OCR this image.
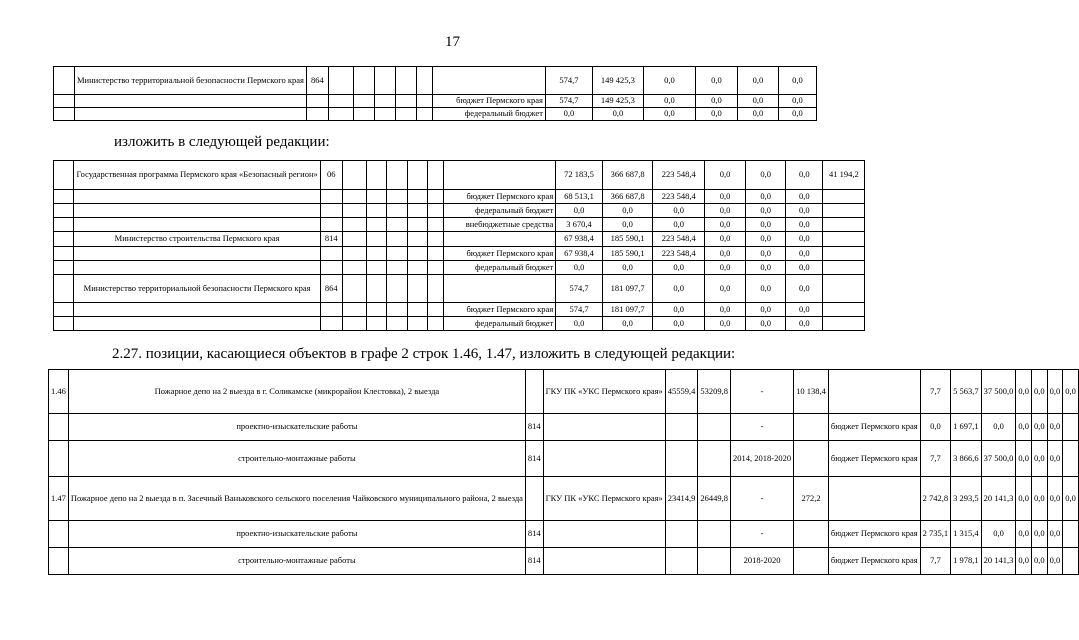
17
	Министерство территориальной безопасности Пермского края	864							574,7	149 425,3	0,0	0,0	0,0	0,0
								бюджет Пермского края	574,7	149 425,3	0,0	0,0	0,0	0,0
								федеральный бюджет	0,0	0,0	0,0	0,0	0,0	0,0
изложить в следующей редакции:
	Государственная программа Пермского края «Безопасный регион»	06							72 183,5	366 687,8	223 548,4	0,0	0,0	0,0	41 194,2
								бюджет Пермского края	68 513,1	366 687,8	223 548,4	0,0	0,0	0,0	
								федеральный бюджет	0,0	0,0	0,0	0,0	0,0	0,0	
								внебюджетные средства	3 670,4	0,0	0,0	0,0	0,0	0,0	
	Министерство строительства Пермского края	814							67 938,4	185 590,1	223 548,4	0,0	0,0	0,0	
								бюджет Пермского края	67 938,4	185 590,1	223 548,4	0,0	0,0	0,0	
								федеральный бюджет	0,0	0,0	0,0	0,0	0,0	0,0	
	Министерство территориальной безопасности Пермского края	864							574,7	181 097,7	0,0	0,0	0,0	0,0	
								бюджет Пермского края	574,7	181 097,7	0,0	0,0	0,0	0,0	
								федеральный бюджет	0,0	0,0	0,0	0,0	0,0	0,0	
2.27. позиции, касающиеся объектов в графе 2 строк 1.46, 1.47, изложить в следующей редакции:
1.46	Пожарное депо на 2 выезда в г. Соликамске (микрорайон Клестовка), 2 выезда		ГКУ ПК «УКС Пермского края»	45559,4	53209,8	-	10 138,4		7,7	5 563,7	37 500,0	0,0	0,0	0,0	0,0
	проектно-изыскательские работы	814				-		бюджет Пермского края	0,0	1 697,1	0,0	0,0	0,0	0,0	
	строительно-монтажные работы	814				2014, 2018-2020		бюджет Пермского края	7,7	3 866,6	37 500,0	0,0	0,0	0,0	
1.47	Пожарное депо на 2 выезда в п. Засечный Ваньковского сельского поселения Чайковского муниципального района, 2 выезда		ГКУ ПК «УКС Пермского края»	23414,9	26449,8	-	272,2		2 742,8	3 293,5	20 141,3	0,0	0,0	0,0	0,0
	проектно-изыскательские работы	814				-		бюджет Пермского края	2 735,1	1 315,4	0,0	0,0	0,0	0,0	
	строительно-монтажные работы	814				2018-2020		бюджет Пермского края	7,7	1 978,1	20 141,3	0,0	0,0	0,0	
